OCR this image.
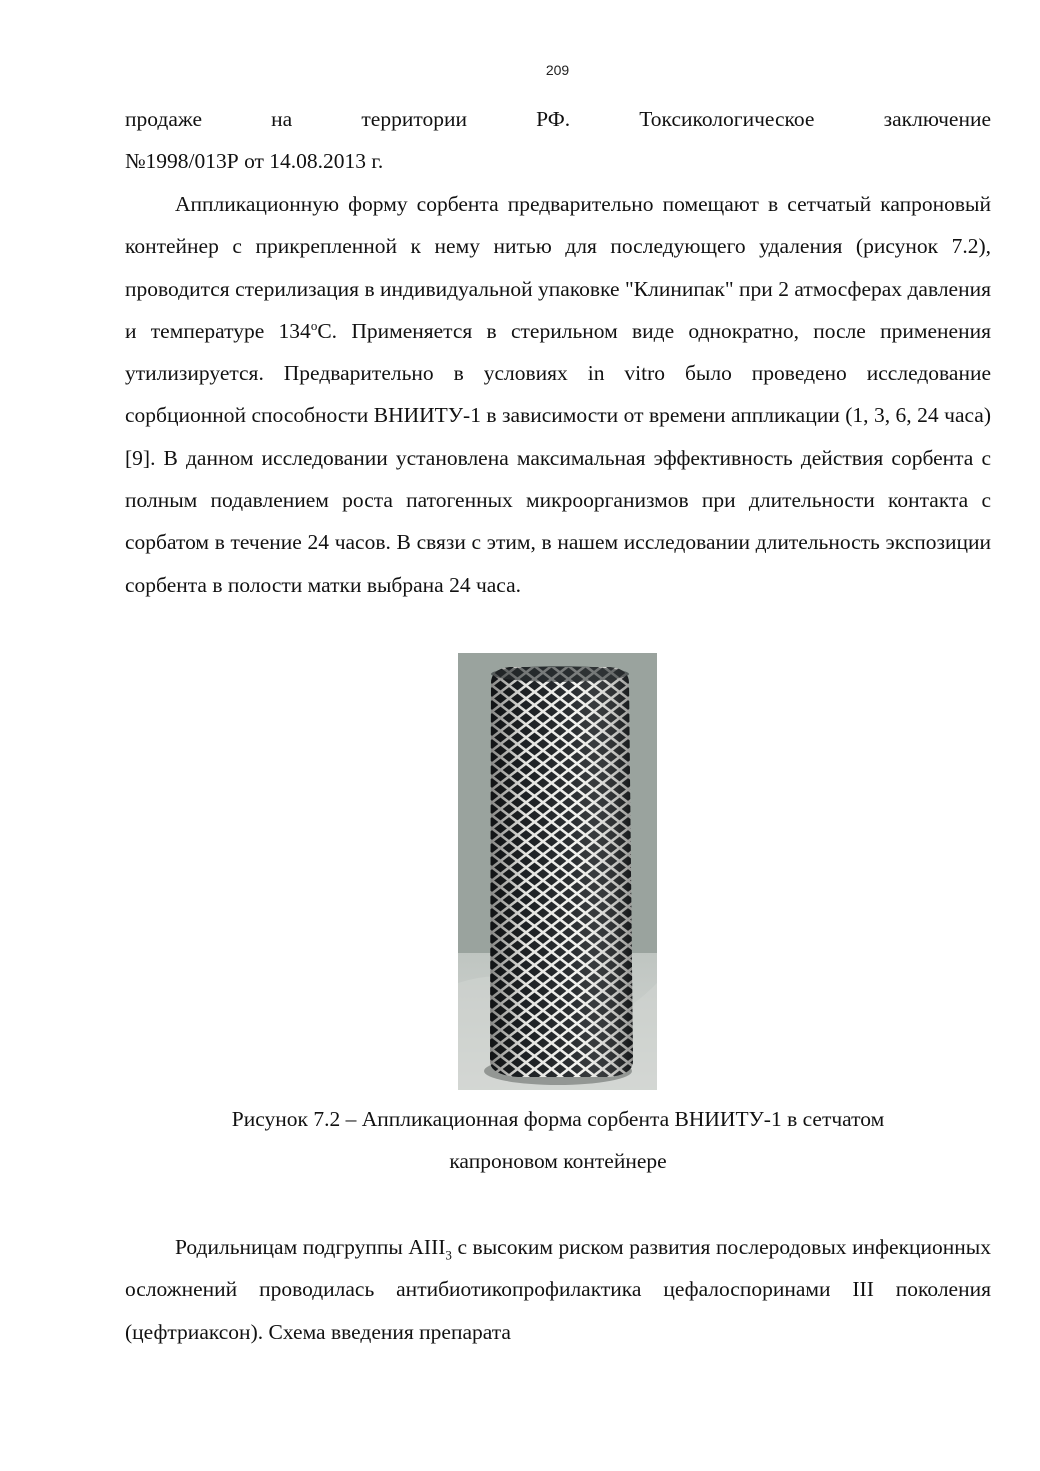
209

продаже	на	территории	РФ.	Токсикологическое	заключение

№1998/013Р от 14.08.2013 г.

Аппликационную форму сорбента предварительно помещают в сетчатый капроновый контейнер с прикрепленной к нему нитью для последующего удаления (рисунок 7.2), проводится стерилизация в индивидуальной упаковке "Клинипак" при 2 атмосферах давления и температуре 134$^o$С. Применяется в стерильном виде однократно, после применения утилизируется. Предварительно в условиях in vitro было проведено исследование сорбционной способности ВНИИТУ-1 в зависимости от времени аппликации (1, 3, 6, 24 часа) [9]. В данном исследовании установлена максимальная эффективность действия сорбента с полным подавлением роста патогенных микроорганизмов при длительности контакта с сорбатом в течение 24 часов. В связи с этим, в нашем исследовании длительность экспозиции сорбента в полости матки выбрана 24 часа.

Рисунок 7.2 – Аппликационная форма сорбента ВНИИТУ-1 в сетчатом
капроновом контейнере

Родильницам подгруппы $АIII_3$ с высоким риском развития послеродовых инфекционных осложнений проводилась антибиотикопрофилактика цефалоспоринами III поколения (цефтриаксон). Схема введения препарата
